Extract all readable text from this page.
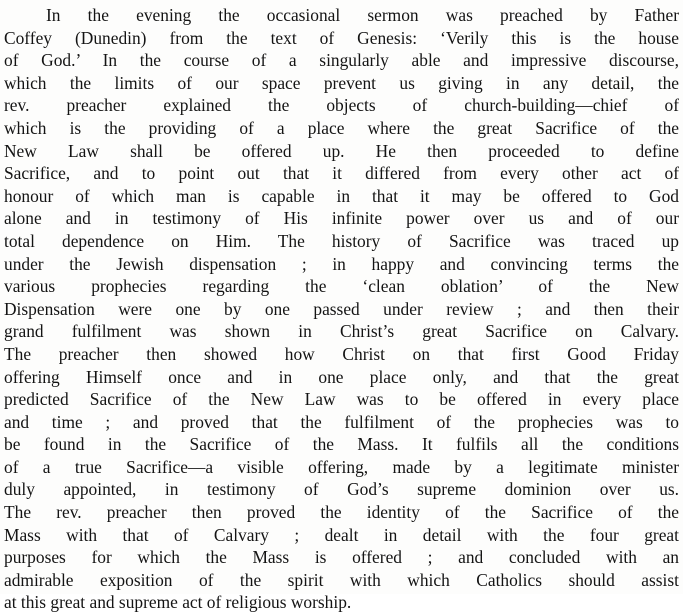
In the evening the occasional sermon was preached by Father
Coffey (Dunedin) from the text of Genesis: ‘Verily this is the house
of God.’ In the course of a singularly able and impressive discourse,
which the limits of our space prevent us giving in any detail, the
rev. preacher explained the objects of church-building—chief of
which is the providing of a place where the great Sacrifice of the
New Law shall be offered up. He then proceeded to define
Sacrifice, and to point out that it differed from every other act of
honour of which man is capable in that it may be offered to God
alone and in testimony of His infinite power over us and of our
total dependence on Him. The history of Sacrifice was traced up
under the Jewish dispensation ; in happy and convincing terms the
various prophecies regarding the ‘clean oblation’ of the New
Dispensation were one by one passed under review ; and then their
grand fulfilment was shown in Christ’s great Sacrifice on Calvary.
The preacher then showed how Christ on that first Good Friday
offering Himself once and in one place only, and that the great
predicted Sacrifice of the New Law was to be offered in every place
and time ; and proved that the fulfilment of the prophecies was to
be found in the Sacrifice of the Mass. It fulfils all the conditions
of a true Sacrifice—a visible offering, made by a legitimate minister
duly appointed, in testimony of God’s supreme dominion over us.
The rev. preacher then proved the identity of the Sacrifice of the
Mass with that of Calvary ; dealt in detail with the four great
purposes for which the Mass is offered ; and concluded with an
admirable exposition of the spirit with which Catholics should assist
at this great and supreme act of religious worship.
